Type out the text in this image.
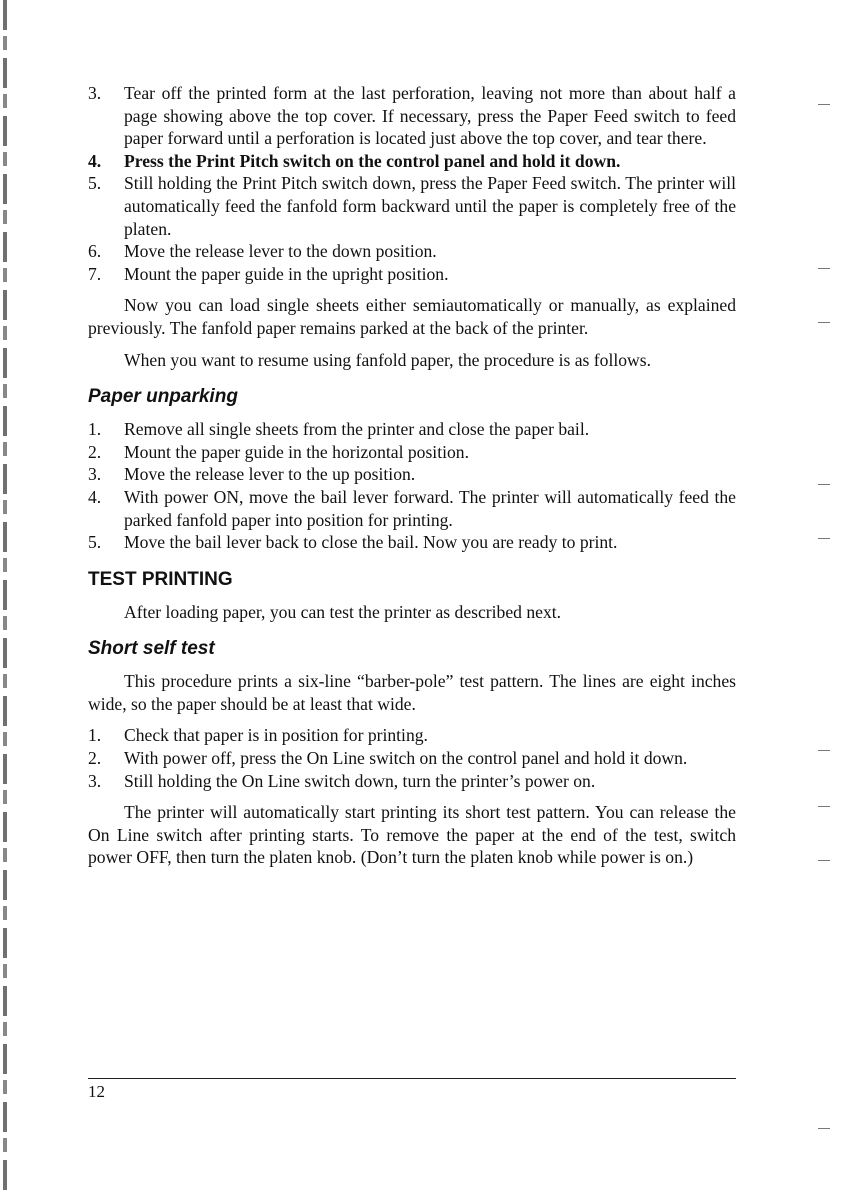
3.	Tear off the printed form at the last perforation, leaving not more than about half a page showing above the top cover. If necessary, press the Paper Feed switch to feed paper forward until a perforation is located just above the top cover, and tear there.
4.	Press the Print Pitch switch on the control panel and hold it down.
5.	Still holding the Print Pitch switch down, press the Paper Feed switch. The printer will automatically feed the fanfold form backward until the paper is completely free of the platen.
6.	Move the release lever to the down position.
7.	Mount the paper guide in the upright position.

Now you can load single sheets either semiautomatically or manually, as explained previously. The fanfold paper remains parked at the back of the printer.

When you want to resume using fanfold paper, the procedure is as follows.

Paper unparking
1.	Remove all single sheets from the printer and close the paper bail.
2.	Mount the paper guide in the horizontal position.
3.	Move the release lever to the up position.
4.	With power ON, move the bail lever forward. The printer will automatically feed the parked fanfold paper into position for printing.
5.	Move the bail lever back to close the bail. Now you are ready to print.
TEST PRINTING

After loading paper, you can test the printer as described next.

Short self test

This procedure prints a six-line “barber-pole” test pattern. The lines are eight inches wide, so the paper should be at least that wide.

1.	Check that paper is in position for printing.
2.	With power off, press the On Line switch on the control panel and hold it down.
3.	Still holding the On Line switch down, turn the printer’s power on.

The printer will automatically start printing its short test pattern. You can release the On Line switch after printing starts. To remove the paper at the end of the test, switch power OFF, then turn the platen knob. (Don’t turn the platen knob while power is on.)

12
